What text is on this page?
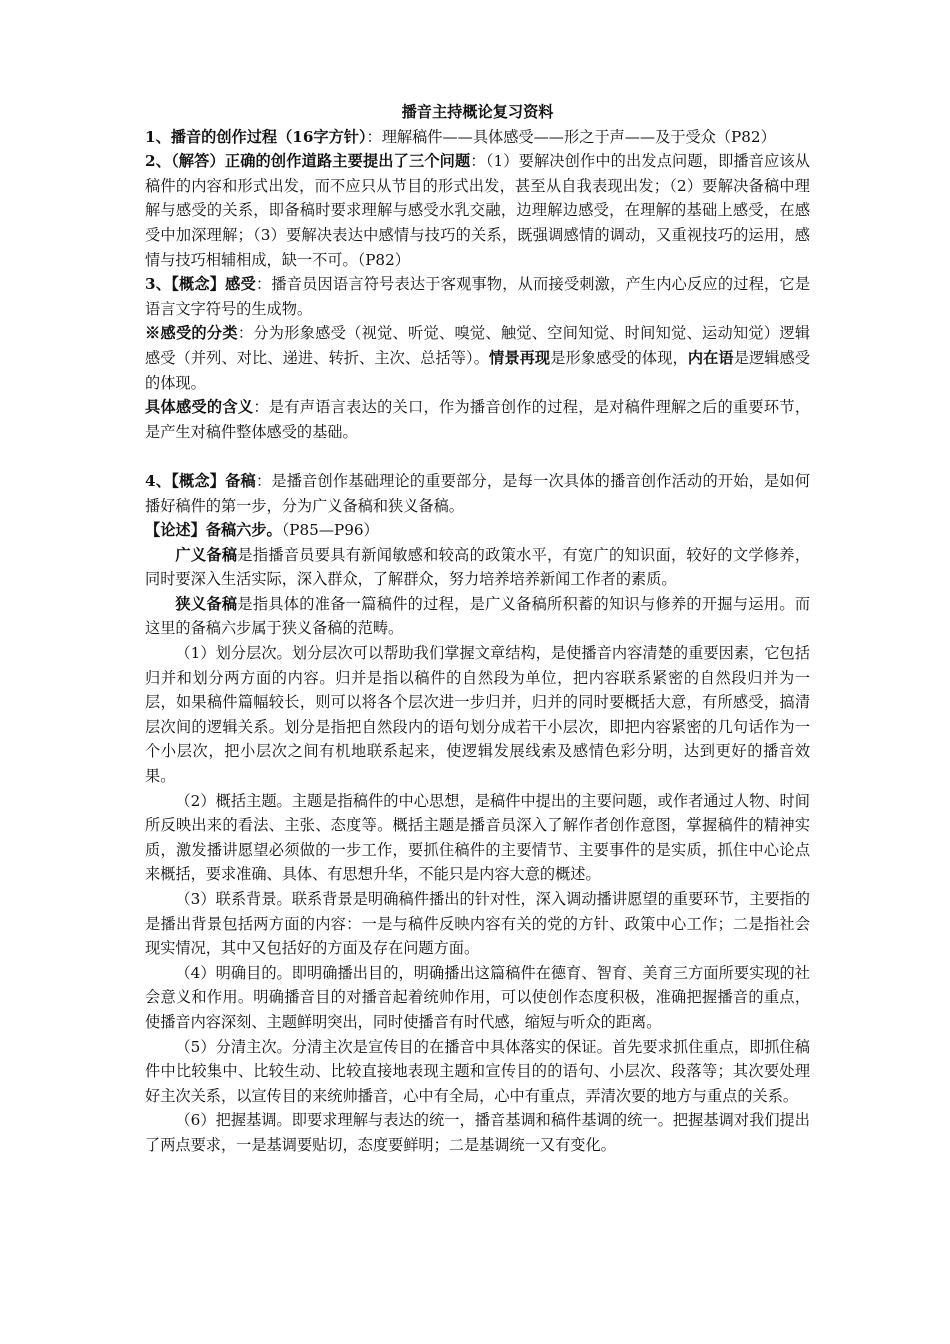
播音主持概论复习资料

1、播音的创作过程（16字方针）：理解稿件——具体感受——形之于声——及于受众（P82）

2、（解答）正确的创作道路主要提出了三个问题：（1）要解决创作中的出发点问题，即播音应该从稿件的内容和形式出发，而不应只从节目的形式出发，甚至从自我表现出发；（2）要解决备稿中理解与感受的关系，即备稿时要求理解与感受水乳交融，边理解边感受，在理解的基础上感受，在感受中加深理解；（3）要解决表达中感情与技巧的关系，既强调感情的调动，又重视技巧的运用，感情与技巧相辅相成，缺一不可。（P82）

3、【概念】感受：播音员因语言符号表达于客观事物，从而接受刺激，产生内心反应的过程，它是语言文字符号的生成物。

※感受的分类：分为形象感受（视觉、听觉、嗅觉、触觉、空间知觉、时间知觉、运动知觉）逻辑感受（并列、对比、递进、转折、主次、总括等）。情景再现是形象感受的体现，内在语是逻辑感受的体现。

具体感受的含义：是有声语言表达的关口，作为播音创作的过程，是对稿件理解之后的重要环节，是产生对稿件整体感受的基础。

4、【概念】备稿：是播音创作基础理论的重要部分，是每一次具体的播音创作活动的开始，是如何播好稿件的第一步，分为广义备稿和狭义备稿。

【论述】备稿六步。（P85—P96）

广义备稿是指播音员要具有新闻敏感和较高的政策水平，有宽广的知识面，较好的文学修养，同时要深入生活实际，深入群众，了解群众，努力培养培养新闻工作者的素质。

狭义备稿是指具体的准备一篇稿件的过程，是广义备稿所积蓄的知识与修养的开掘与运用。而这里的备稿六步属于狭义备稿的范畴。

（1）划分层次。划分层次可以帮助我们掌握文章结构，是使播音内容清楚的重要因素，它包括归并和划分两方面的内容。归并是指以稿件的自然段为单位，把内容联系紧密的自然段归并为一层，如果稿件篇幅较长，则可以将各个层次进一步归并，归并的同时要概括大意，有所感受，搞清层次间的逻辑关系。划分是指把自然段内的语句划分成若干小层次，即把内容紧密的几句话作为一个小层次，把小层次之间有机地联系起来，使逻辑发展线索及感情色彩分明，达到更好的播音效果。

（2）概括主题。主题是指稿件的中心思想，是稿件中提出的主要问题，或作者通过人物、时间所反映出来的看法、主张、态度等。概括主题是播音员深入了解作者创作意图，掌握稿件的精神实质，激发播讲愿望必须做的一步工作，要抓住稿件的主要情节、主要事件的是实质，抓住中心论点来概括，要求准确、具体、有思想升华，不能只是内容大意的概述。

（3）联系背景。联系背景是明确稿件播出的针对性，深入调动播讲愿望的重要环节，主要指的是播出背景包括两方面的内容：一是与稿件反映内容有关的党的方针、政策中心工作；二是指社会现实情况，其中又包括好的方面及存在问题方面。

（4）明确目的。即明确播出目的，明确播出这篇稿件在德育、智育、美育三方面所要实现的社会意义和作用。明确播音目的对播音起着统帅作用，可以使创作态度积极，准确把握播音的重点，使播音内容深刻、主题鲜明突出，同时使播音有时代感，缩短与听众的距离。

（5）分清主次。分清主次是宣传目的在播音中具体落实的保证。首先要求抓住重点，即抓住稿件中比较集中、比较生动、比较直接地表现主题和宣传目的的语句、小层次、段落等；其次要处理好主次关系，以宣传目的来统帅播音，心中有全局，心中有重点，弄清次要的地方与重点的关系。

（6）把握基调。即要求理解与表达的统一，播音基调和稿件基调的统一。把握基调对我们提出了两点要求，一是基调要贴切，态度要鲜明；二是基调统一又有变化。
